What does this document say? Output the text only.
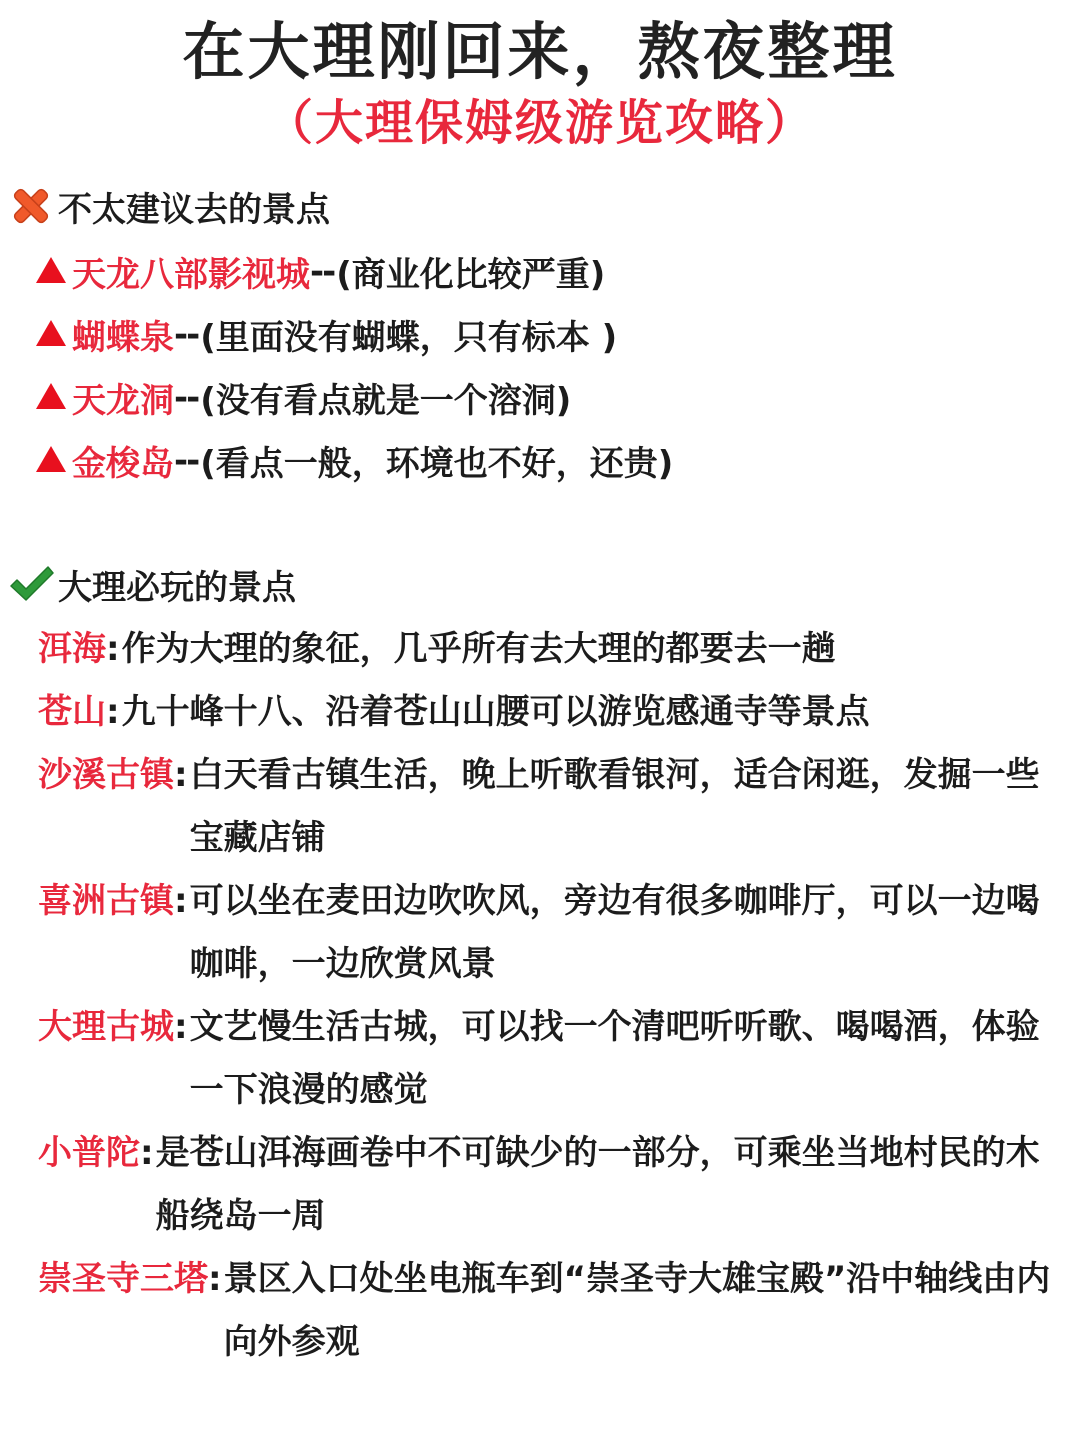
在大理刚回来，熬夜整理
（大理保姆级游览攻略）
不太建议去的景点
天龙八部影视城 -- (商业化比较严重)
蝴蝶泉 -- (里面没有蝴蝶，只有标本 )
天龙洞 -- (没有看点就是一个溶洞)
金梭岛 -- (看点一般，环境也不好，还贵)
大理必玩的景点
洱海 : 作为大理的象征，几乎所有去大理的都要去一趟
苍山 : 九十峰十八、沿着苍山山腰可以游览感通寺等景点
沙溪古镇 : 白天看古镇生活，晚上听歌看银河，适合闲逛，发掘一些宝藏店铺
喜洲古镇 : 可以坐在麦田边吹吹风，旁边有很多咖啡厅，可以一边喝咖啡，一边欣赏风景
大理古城 : 文艺慢生活古城，可以找一个清吧听听歌、喝喝酒，体验一下浪漫的感觉
小普陀 : 是苍山洱海画卷中不可缺少的一部分，可乘坐当地村民的木船绕岛一周
崇圣寺三塔 : 景区入口处坐电瓶车到“崇圣寺大雄宝殿”沿中轴线由内向外参观
